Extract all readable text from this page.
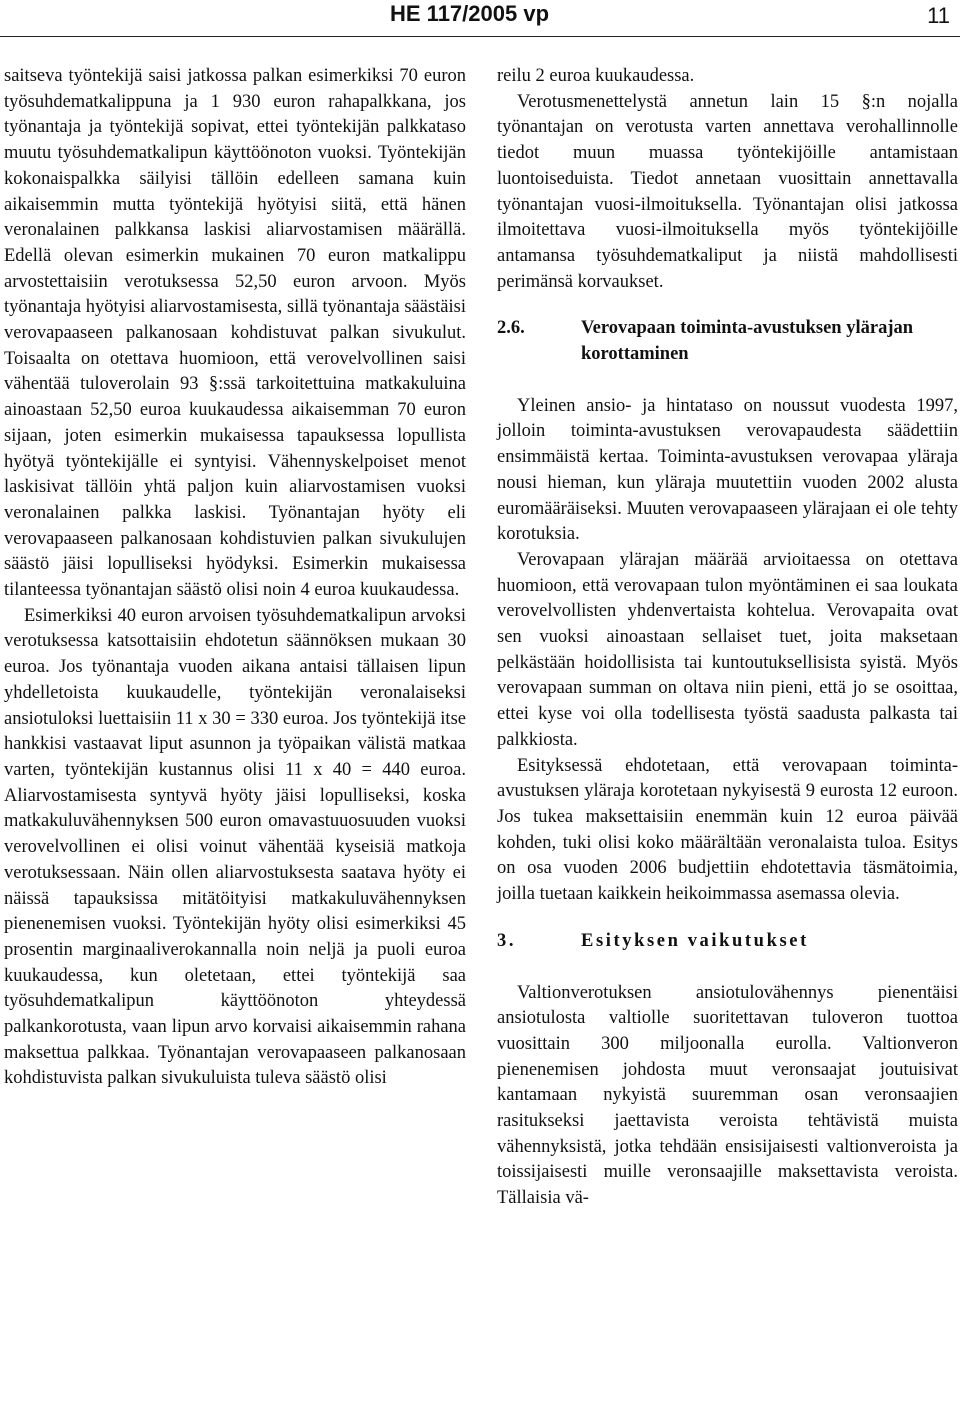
HE 117/2005 vp	11

saitseva työntekijä saisi jatkossa palkan esimerkiksi 70 euron työsuhdematkalippuna ja 1 930 euron rahapalkkana, jos työnantaja ja työntekijä sopivat, ettei työntekijän palkkataso muutu työsuhdematkalipun käyttöönoton vuoksi. Työntekijän kokonaispalkka säilyisi tällöin edelleen samana kuin aikaisemmin mutta työntekijä hyötyisi siitä, että hänen veronalainen palkkansa laskisi aliarvostamisen määrällä. Edellä olevan esimerkin mukainen 70 euron matkalippu arvostettaisiin verotuksessa 52,50 euron arvoon. Myös työnantaja hyötyisi aliarvostamisesta, sillä työnantaja säästäisi verovapaaseen palkanosaan kohdistuvat palkan sivukulut. Toisaalta on otettava huomioon, että verovelvollinen saisi vähentää tuloverolain 93 §:ssä tarkoitettuina matkakuluina ainoastaan 52,50 euroa kuukaudessa aikaisemman 70 euron sijaan, joten esimerkin mukaisessa tapauksessa lopullista hyötyä työntekijälle ei syntyisi. Vähennyskelpoiset menot laskisivat tällöin yhtä paljon kuin aliarvostamisen vuoksi veronalainen palkka laskisi. Työnantajan hyöty eli verovapaaseen palkanosaan kohdistuvien palkan sivukulujen säästö jäisi lopulliseksi hyödyksi. Esimerkin mukaisessa tilanteessa työnantajan säästö olisi noin 4 euroa kuukaudessa.

Esimerkiksi 40 euron arvoisen työsuhdematkalipun arvoksi verotuksessa katsottaisiin ehdotetun säännöksen mukaan 30 euroa. Jos työnantaja vuoden aikana antaisi tällaisen lipun yhdelletoista kuukaudelle, työntekijän veronalaiseksi ansiotuloksi luettaisiin 11 x 30 = 330 euroa. Jos työntekijä itse hankkisi vastaavat liput asunnon ja työpaikan välistä matkaa varten, työntekijän kustannus olisi 11 x 40 = 440 euroa. Aliarvostamisesta syntyvä hyöty jäisi lopulliseksi, koska matkakuluvähennyksen 500 euron omavastuuosuuden vuoksi verovelvollinen ei olisi voinut vähentää kyseisiä matkoja verotuksessaan. Näin ollen aliarvostuksesta saatava hyöty ei näissä tapauksissa mitätöityisi matkakuluvähennyksen pienenemisen vuoksi. Työntekijän hyöty olisi esimerkiksi 45 prosentin marginaaliverokannalla noin neljä ja puoli euroa kuukaudessa, kun oletetaan, ettei työntekijä saa työsuhdematkalipun käyttöönoton yhteydessä palkankorotusta, vaan lipun arvo korvaisi aikaisemmin rahana maksettua palkkaa. Työnantajan verovapaaseen palkanosaan kohdistuvista palkan sivukuluista tuleva säästö olisi

reilu 2 euroa kuukaudessa.

Verotusmenettelystä annetun lain 15 §:n nojalla työnantajan on verotusta varten annettava verohallinnolle tiedot muun muassa työntekijöille antamistaan luontoiseduista. Tiedot annetaan vuosittain annettavalla työnantajan vuosi-ilmoituksella. Työnantajan olisi jatkossa ilmoitettava vuosi-ilmoituksella myös työntekijöille antamansa työsuhdematkaliput ja niistä mahdollisesti perimänsä korvaukset.

2.6.	Verovapaan toiminta-avustuksen ylärajan korottaminen

Yleinen ansio- ja hintataso on noussut vuodesta 1997, jolloin toiminta-avustuksen verovapaudesta säädettiin ensimmäistä kertaa. Toiminta-avustuksen verovapaa yläraja nousi hieman, kun yläraja muutettiin vuoden 2002 alusta euromääräiseksi. Muuten verovapaaseen ylärajaan ei ole tehty korotuksia.

Verovapaan ylärajan määrää arvioitaessa on otettava huomioon, että verovapaan tulon myöntäminen ei saa loukata verovelvollisten yhdenvertaista kohtelua. Verovapaita ovat sen vuoksi ainoastaan sellaiset tuet, joita maksetaan pelkästään hoidollisista tai kuntoutuksellisista syistä. Myös verovapaan summan on oltava niin pieni, että jo se osoittaa, ettei kyse voi olla todellisesta työstä saadusta palkasta tai palkkiosta.

Esityksessä ehdotetaan, että verovapaan toiminta-avustuksen yläraja korotetaan nykyisestä 9 eurosta 12 euroon. Jos tukea maksettaisiin enemmän kuin 12 euroa päivää kohden, tuki olisi koko määrältään veronalaista tuloa. Esitys on osa vuoden 2006 budjettiin ehdotettavia täsmätoimia, joilla tuetaan kaikkein heikoimmassa asemassa olevia.

3.	Esityksen vaikutukset

Valtionverotuksen ansiotulovähennys pienentäisi ansiotulosta valtiolle suoritettavan tuloveron tuottoa vuosittain 300 miljoonalla eurolla. Valtionveron pienenemisen johdosta muut veronsaajat joutuisivat kantamaan nykyistä suuremman osan veronsaajien rasitukseksi jaettavista veroista tehtävistä muista vähennyksistä, jotka tehdään ensisijaisesti valtionveroista ja toissijaisesti muille veronsaajille maksettavista veroista. Tällaisia vä-
